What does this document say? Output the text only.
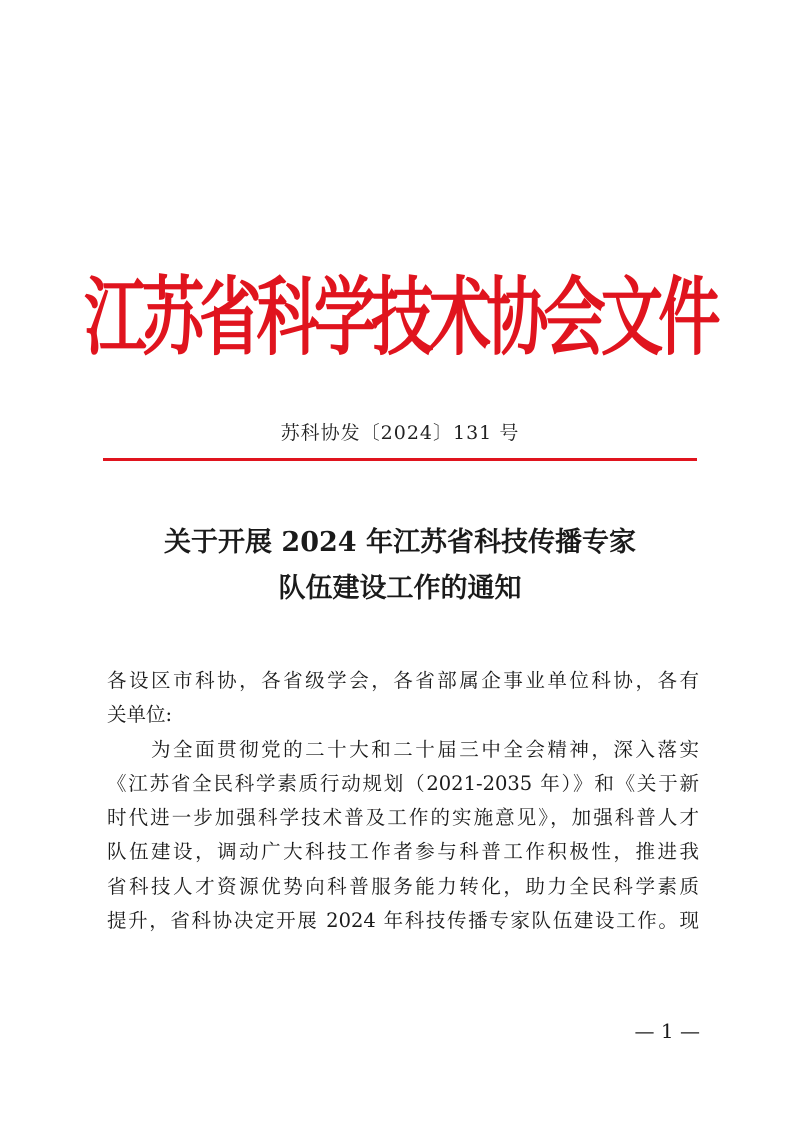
江苏省科学技术协会文件
苏科协发〔2024〕131 号
关于开展 2024 年江苏省科技传播专家
队伍建设工作的通知
各设区市科协，各省级学会，各省部属企事业单位科协，各有
关单位:
　　为全面贯彻党的二十大和二十届三中全会精神，深入落实
《江苏省全民科学素质行动规划（2021-2035 年）》和《关于新
时代进一步加强科学技术普及工作的实施意见》，加强科普人才
队伍建设，调动广大科技工作者参与科普工作积极性，推进我
省科技人才资源优势向科普服务能力转化，助力全民科学素质
提升，省科协决定开展 2024 年科技传播专家队伍建设工作。现
— 1 —
